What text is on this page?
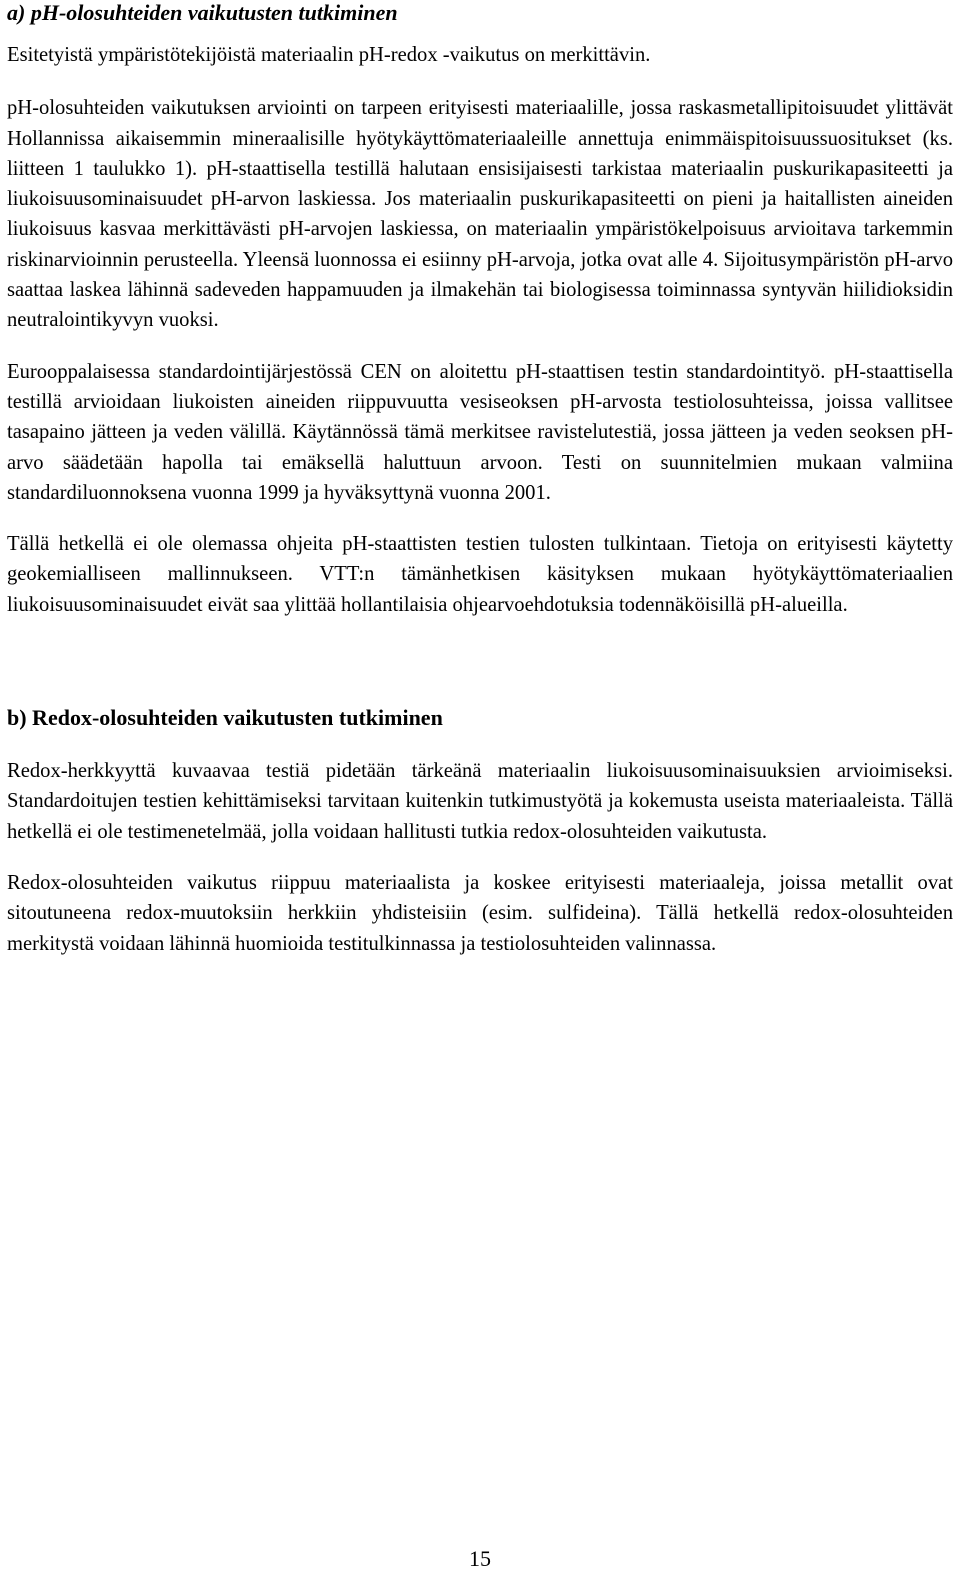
a) pH-olosuhteiden vaikutusten tutkiminen

Esitetyistä ympäristötekijöistä materiaalin pH-redox -vaikutus on merkittävin.

pH-olosuhteiden vaikutuksen arviointi on tarpeen erityisesti materiaalille, jossa raskasmetallipitoisuudet ylittävät Hollannissa aikaisemmin mineraalisille hyötykäyttömateriaaleille annettuja enimmäispitoisuussuositukset (ks. liitteen 1 taulukko 1). pH-staattisella testillä halutaan ensisijaisesti tarkistaa materiaalin puskurikapasiteetti ja liukoisuusominaisuudet pH-arvon laskiessa. Jos materiaalin puskurikapasiteetti on pieni ja haitallisten aineiden liukoisuus kasvaa merkittävästi pH-arvojen laskiessa, on materiaalin ympäristökelpoisuus arvioitava tarkemmin riskinarvioinnin perusteella. Yleensä luonnossa ei esiinny pH-arvoja, jotka ovat alle 4. Sijoitusympäristön pH-arvo saattaa laskea lähinnä sadeveden happamuuden ja ilmakehän tai biologisessa toiminnassa syntyvän hiilidioksidin neutralointikyvyn vuoksi.

Eurooppalaisessa standardointijärjestössä CEN on aloitettu pH-staattisen testin standardointityö. pH-staattisella testillä arvioidaan liukoisten aineiden riippuvuutta vesiseoksen pH-arvosta testiolosuhteissa, joissa vallitsee tasapaino jätteen ja veden välillä. Käytännössä tämä merkitsee ravistelutestiä, jossa jätteen ja veden seoksen pH-arvo säädetään hapolla tai emäksellä haluttuun arvoon. Testi on suunnitelmien mukaan valmiina standardiluonnoksena vuonna 1999 ja hyväksyttynä vuonna 2001.

Tällä hetkellä ei ole olemassa ohjeita pH-staattisten testien tulosten tulkintaan. Tietoja on erityisesti käytetty geokemialliseen mallinnukseen. VTT:n tämänhetkisen käsityksen mukaan hyötykäyttömateriaalien liukoisuusominaisuudet eivät saa ylittää hollantilaisia ohjearvoehdotuksia todennäköisillä pH-alueilla.

b) Redox-olosuhteiden vaikutusten tutkiminen

Redox-herkkyyttä kuvaavaa testiä pidetään tärkeänä materiaalin liukoisuusominaisuuksien arvioimiseksi. Standardoitujen testien kehittämiseksi tarvitaan kuitenkin tutkimustyötä ja kokemusta useista materiaaleista. Tällä hetkellä ei ole testimenetelmää, jolla voidaan hallitusti tutkia redox-olosuhteiden vaikutusta.

Redox-olosuhteiden vaikutus riippuu materiaalista ja koskee erityisesti materiaaleja, joissa metallit ovat sitoutuneena redox-muutoksiin herkkiin yhdisteisiin (esim. sulfideina). Tällä hetkellä redox-olosuhteiden merkitystä voidaan lähinnä huomioida testitulkinnassa ja testiolosuhteiden valinnassa.

15
